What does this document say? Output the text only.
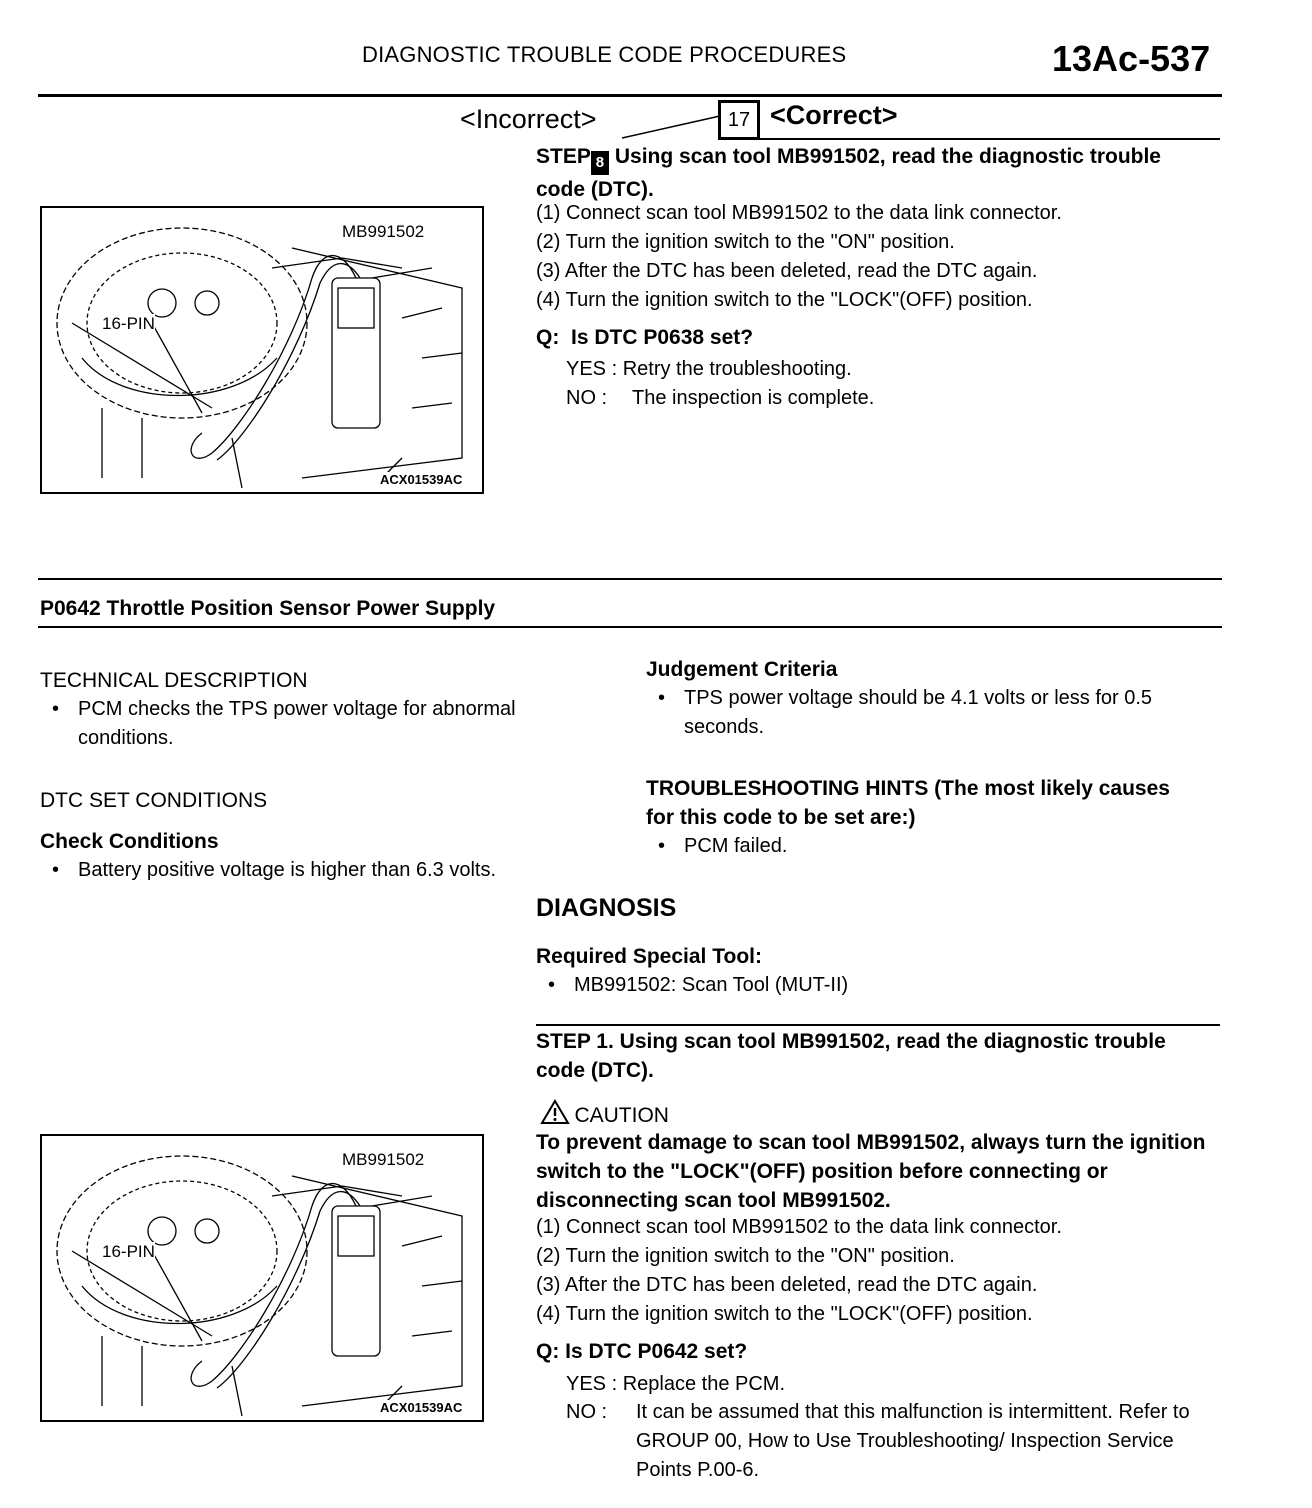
DIAGNOSTIC TROUBLE CODE PROCEDURES	13Ac-537
<Incorrect>	17 <Correct>
MB991502
16-PIN
ACX01539AC
STEP 8 Using scan tool MB991502, read the diagnostic trouble code (DTC).
(1) Connect scan tool MB991502 to the data link connector.
(2) Turn the ignition switch to the "ON" position.
(3) After the DTC has been deleted, read the DTC again.
(4) Turn the ignition switch to the "LOCK"(OFF) position.
Q:  Is DTC P0638 set?
YES : Retry the troubleshooting.
NO : The inspection is complete.
P0642 Throttle Position Sensor Power Supply
TECHNICAL DESCRIPTION
• PCM checks the TPS power voltage for abnormal conditions.
DTC SET CONDITIONS
Check Conditions
• Battery positive voltage is higher than 6.3 volts.
Judgement Criteria
• TPS power voltage should be 4.1 volts or less for 0.5 seconds.
TROUBLESHOOTING HINTS (The most likely causes for this code to be set are:)
• PCM failed.
DIAGNOSIS
Required Special Tool:
• MB991502: Scan Tool (MUT-II)
STEP 1. Using scan tool MB991502, read the diagnostic trouble code (DTC).
CAUTION
To prevent damage to scan tool MB991502, always turn the ignition switch to the "LOCK"(OFF) position before connecting or disconnecting scan tool MB991502.
(1) Connect scan tool MB991502 to the data link connector.
(2) Turn the ignition switch to the "ON" position.
(3) After the DTC has been deleted, read the DTC again.
(4) Turn the ignition switch to the "LOCK"(OFF) position.
Q: Is DTC P0642 set?
YES : Replace the PCM.
NO : It can be assumed that this malfunction is intermittent. Refer to GROUP 00, How to Use Troubleshooting/ Inspection Service Points P.00-6.
MB991502
16-PIN
ACX01539AC
